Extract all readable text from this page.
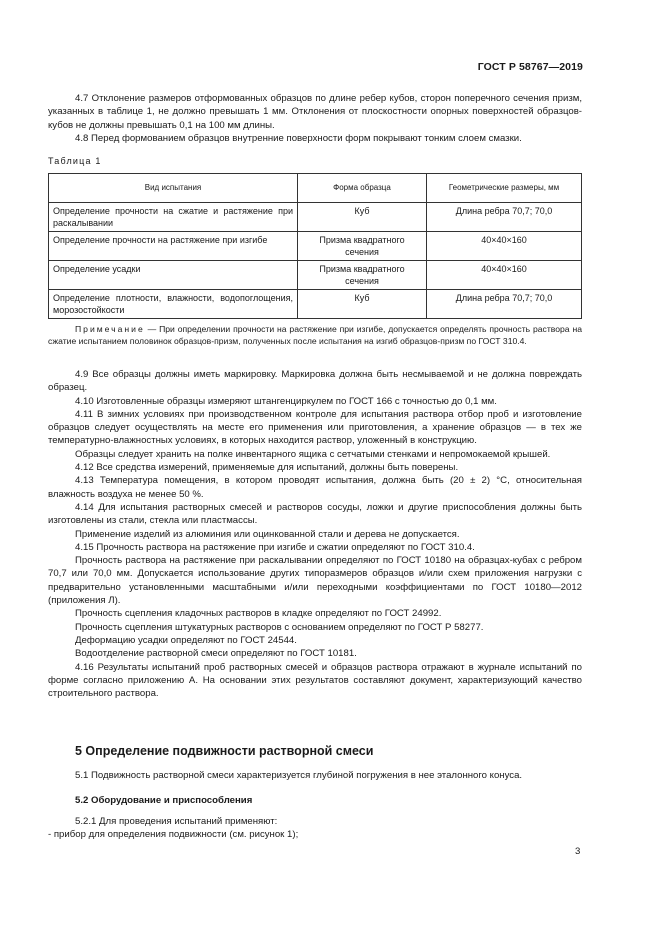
ГОСТ Р 58767—2019

4.7 Отклонение размеров отформованных образцов по длине ребер кубов, сторон поперечного сечения призм, указанных в таблице 1, не должно превышать 1 мм. Отклонения от плоскостности опорных поверхностей образцов-кубов не должны превышать 0,1 на 100 мм длины.

4.8 Перед формованием образцов внутренние поверхности форм покрывают тонким слоем смазки.

Таблица 1
Вид испытания	Форма образца	Геометрические размеры, мм
Определение прочности на сжатие и растяжение при раскалывании	Куб	Длина ребра 70,7; 70,0
Определение прочности на растяжение при изгибе	Призма квадратного сечения	40×40×160
Определение усадки	Призма квадратного сечения	40×40×160
Определение плотности, влажности, водопоглощения, морозостойкости	Куб	Длина ребра 70,7; 70,0
Примечание — При определении прочности на растяжение при изгибе, допускается определять прочность раствора на сжатие испытанием половинок образцов-призм, полученных после испытания на изгиб образцов-призм по ГОСТ 310.4.

4.9 Все образцы должны иметь маркировку. Маркировка должна быть несмываемой и не должна повреждать образец.

4.10 Изготовленные образцы измеряют штангенциркулем по ГОСТ 166 с точностью до 0,1 мм.

4.11 В зимних условиях при производственном контроле для испытания раствора отбор проб и изготовление образцов следует осуществлять на месте его применения или приготовления, а хранение образцов — в тех же температурно-влажностных условиях, в которых находится раствор, уложенный в конструкцию.

Образцы следует хранить на полке инвентарного ящика с сетчатыми стенками и непромокаемой крышей.

4.12 Все средства измерений, применяемые для испытаний, должны быть поверены.

4.13 Температура помещения, в котором проводят испытания, должна быть (20 ± 2) °С, относительная влажность воздуха не менее 50 %.

4.14 Для испытания растворных смесей и растворов сосуды, ложки и другие приспособления должны быть изготовлены из стали, стекла или пластмассы.

Применение изделий из алюминия или оцинкованной стали и дерева не допускается.

4.15 Прочность раствора на растяжение при изгибе и сжатии определяют по ГОСТ 310.4.

Прочность раствора на растяжение при раскалывании определяют по ГОСТ 10180 на образцах-кубах с ребром 70,7 или 70,0 мм. Допускается использование других типоразмеров образцов и/или схем приложения нагрузки с предварительно установленными масштабными и/или переходными коэффициентами по ГОСТ 10180—2012 (приложения Л).

Прочность сцепления кладочных растворов в кладке определяют по ГОСТ 24992.

Прочность сцепления штукатурных растворов с основанием определяют по ГОСТ Р 58277.

Деформацию усадки определяют по ГОСТ 24544.

Водоотделение растворной смеси определяют по ГОСТ 10181.

4.16 Результаты испытаний проб растворных смесей и образцов раствора отражают в журнале испытаний по форме согласно приложению А. На основании этих результатов составляют документ, характеризующий качество строительного раствора.

5 Определение подвижности растворной смеси

5.1 Подвижность растворной смеси характеризуется глубиной погружения в нее эталонного конуса.

5.2 Оборудование и приспособления

5.2.1 Для проведения испытаний применяют:

- прибор для определения подвижности (см. рисунок 1);

3
